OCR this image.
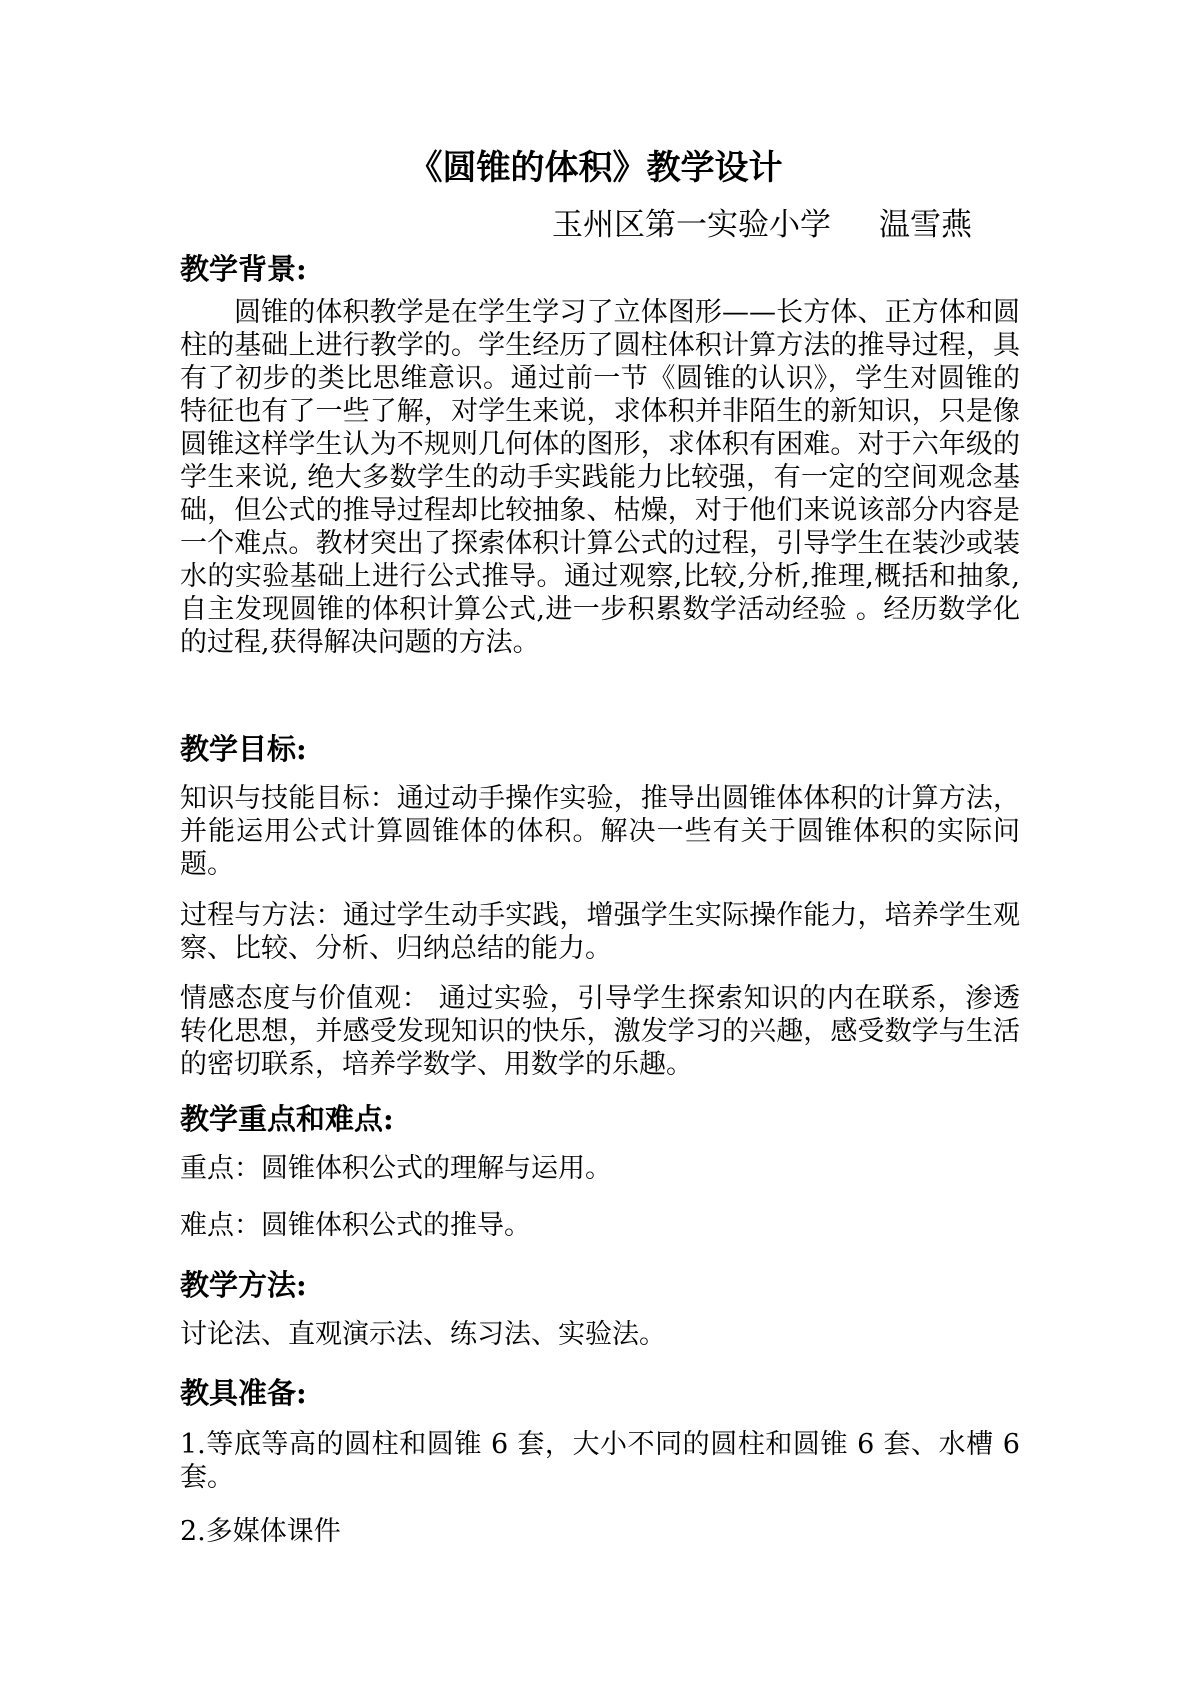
《圆锥的体积》教学设计
玉州区第一实验小学 温雪燕
教学背景:

圆锥的体积教学是在学生学习了立体图形——长方体、正方体和圆柱的基础上进行教学的。学生经历了圆柱体积计算方法的推导过程，具有了初步的类比思维意识。通过前一节《圆锥的认识》，学生对圆锥的特征也有了一些了解，对学生来说，求体积并非陌生的新知识，只是像圆锥这样学生认为不规则几何体的图形，求体积有困难。对于六年级的学生来说, 绝大多数学生的动手实践能力比较强，有一定的空间观念基础，但公式的推导过程却比较抽象、枯燥，对于他们来说该部分内容是一个难点。教材突出了探索体积计算公式的过程，引导学生在装沙或装水的实验基础上进行公式推导。通过观察,比较,分析,推理,概括和抽象,自主发现圆锥的体积计算公式,进一步积累数学活动经验 。经历数学化的过程,获得解决问题的方法。

教学目标:

知识与技能目标：通过动手操作实验，推导出圆锥体体积的计算方法，并能运用公式计算圆锥体的体积。解决一些有关于圆锥体积的实际问题。

过程与方法：通过学生动手实践，增强学生实际操作能力，培养学生观察、比较、分析、归纳总结的能力。

情感态度与价值观： 通过实验，引导学生探索知识的内在联系，渗透转化思想，并感受发现知识的快乐，激发学习的兴趣，感受数学与生活的密切联系，培养学数学、用数学的乐趣。

教学重点和难点:

重点：圆锥体积公式的理解与运用。

难点：圆锥体积公式的推导。

教学方法:

讨论法、直观演示法、练习法、实验法。

教具准备:

1.等底等高的圆柱和圆锥 6 套，大小不同的圆柱和圆锥 6 套、水槽 6 套。

2.多媒体课件
